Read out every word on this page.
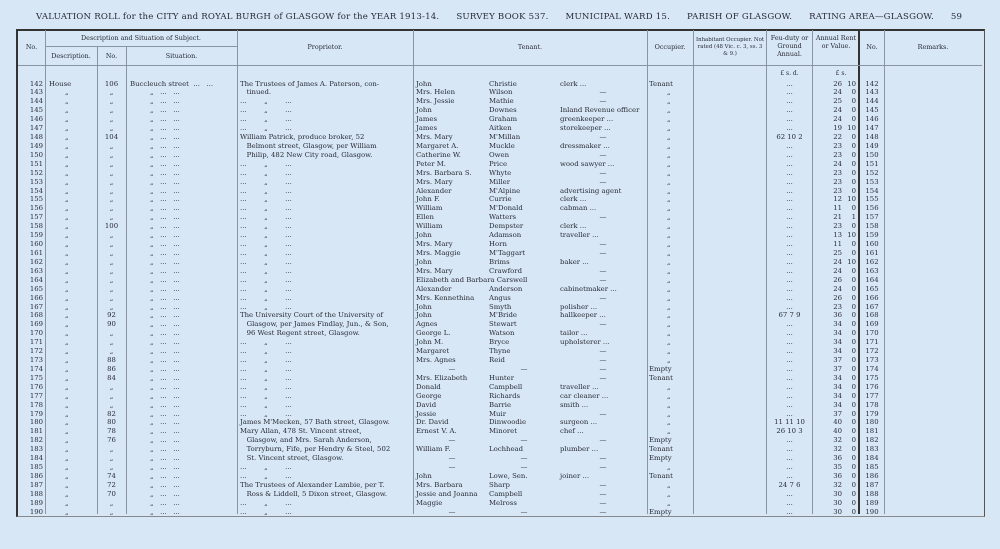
VALUATION ROLL for the CITY and ROYAL BURGH of GLASGOW for the YEAR 1913-14. SURVEY BOOK 537. MUNICIPAL WARD 15. PARISH OF GLASGOW. RATING AREA—GLASGOW. 59
No.
Description and Situation of Subject.
Description.	No.	Situation.
Proprietor.	Tenant.	Occupier.
Inhabitant Occupier. Not rated (48 Vic. c. 3, ss. 3 & 9.)
Feu-duty or Ground Annual.
Annual Rent or Value.	No.	Remarks.
£ s. d.	£ s.
142 House	106	Buccleuch street  ...   ...	The Trustees of James A. Paterson, con-	John	Christie	clerk ...	Tenant	...	26 10	142
143	„	„	„   ...   ...	tinued.	Mrs. Helen	Wilson	—	„	...	24	0	143
144	„	„	„   ...   ...	...        „        ...	Mrs. Jessie	Mathie	—	„	...	25	0	144
145	„	„	„   ...   ...	...        „        ...	John	Downes	Inland Revenue officer	„	...	24	0	145
146	„	„	„   ...   ...	...        „        ...	James	Graham	greenkeeper ...	„	...	24	0	146
147	„	„	„   ...   ...	...        „        ...	James	Aitken	storekeeper ...	„	...	19 10	147
148	„	104	„   ...   ...	William Patrick, produce broker, 52	Mrs. Mary	M'Millan	—	„	62 10 2	22	0	148
149	„	„	„   ...   ...	Belmont street, Glasgow, per William	Margaret A.	Muckle	dressmaker ...	„	...	23	0	149
150	„	„	„   ...   ...	Philip, 482 New City road, Glasgow.	Catherine W.	Owen	—	„	...	23	0	150
151	„	„	„   ...   ...	...        „        ...	Peter M.	Price	wood sawyer ...	„	...	24	0	151
152	„	„	„   ...   ...	...        „        ...	Mrs. Barbara S.	Whyte	—	„	...	23	0	152
153	„	„	„   ...   ...	...        „        ...	Mrs. Mary	Miller	—	„	...	23	0	153
154	„	„	„   ...   ...	...        „        ...	Alexander	M'Alpine	advertising agent	„	...	23	0	154
155	„	„	„   ...   ...	...        „        ...	John F.	Currie	clerk ...	„	...	12 10	155
156	„	„	„   ...   ...	...        „        ...	William	M'Donald	cabman ...	„	...	11	0	156
157	„	„	„   ...   ...	...        „        ...	Ellen	Watters	—	„	...	21	1	157
158	„	100	„   ...   ...	...        „        ...	William	Dempster	clerk ...	„	...	23	0	158
159	„	„	„   ...   ...	...        „        ...	John	Adamson	traveller ...	„	...	13 10	159
160	„	„	„   ...   ...	...        „        ...	Mrs. Mary	Horn	—	„	...	11	0	160
161	„	„	„   ...   ...	...        „        ...	Mrs. Maggie	M'Taggart	—	„	...	25	0	161
162	„	„	„   ...   ...	...        „        ...	John	Brims	baker ...	„	...	24 10	162
163	„	„	„   ...   ...	...        „        ...	Mrs. Mary	Crawford	—	„	...	24	0	163
164	„	„	„   ...   ...	...        „        ...	Elizabeth and Barbara Carswell	—	„	...	26	0	164
165	„	„	„   ...   ...	...        „        ...	Alexander	Anderson	cabinetmaker ...	„	...	24	0	165
166	„	„	„   ...   ...	...        „        ...	Mrs. Kennethina	Angus	—	„	...	26	0	166
167	„	„	„   ...   ...	...        „        ...	John	Smyth	polisher ...	„	...	23	0	167
168	„	92	„   ...   ...	The University Court of the University of	John	M'Bride	hallkeeper ...	„	67 7 9	36	0	168
169	„	90	„   ...   ...	Glasgow, per James Findlay, Jun., & Son,	Agnes	Stewart	—	„	...	34	0	169
170	„	„	„   ...   ...	96 West Regent street, Glasgow.	George L.	Watson	tailor ...	„	...	34	0	170
171	„	„	„   ...   ...	...        „        ...	John M.	Bryce	upholsterer ...	„	...	34	0	171
172	„	„	„   ...   ...	...        „        ...	Margaret	Thyne	—	„	...	34	0	172
173	„	88	„   ...   ...	...        „        ...	Mrs. Agnes	Reid	—	„	...	37	0	173
174	„	86	„   ...   ...	...        „        ...	—	—	—	Empty	...	37	0	174
175	„	84	„   ...   ...	...        „        ...	Mrs. Elizabeth	Hunter	—	Tenant	...	34	0	175
176	„	„	„   ...   ...	...        „        ...	Donald	Campbell	traveller ...	„	...	34	0	176
177	„	„	„   ...   ...	...        „        ...	George	Richards	car cleaner ...	„	...	34	0	177
178	„	„	„   ...   ...	...        „        ...	David	Barrie	smith ...	„	...	34	0	178
179	„	82	„   ...   ...	...        „        ...	Jessie	Muir	—	„	...	37	0	179
180	„	80	„   ...   ...	James M'Mecken, 57 Bath street, Glasgow.	Dr. David	Dinwoodie	surgeon ...	„	11 11 10	40	0	180
181	„	78	„   ...   ...	Mary Allan, 478 St. Vincent street,	Ernest V. A.	Minoret	chef ...	„	26 10 3	40	0	181
182	„	76	„   ...   ...	Glasgow, and Mrs. Sarah Anderson,	—	—	—	Empty	...	32	0	182
183	„	„	„   ...   ...	Torryburn, Fife, per Hendry & Steel, 502	William F.	Lochhead	plumber ...	Tenant	...	32	0	183
184	„	„	„   ...   ...	St. Vincent street, Glasgow.	—	—	—	Empty	...	36	0	184
185	„	„	„   ...   ...	...        „        ...	—	—	—	„	...	35	0	185
186	„	74	„   ...   ...	...        „        ...	John	Lowe, Sen.	joiner ...	Tenant	...	36	0	186
187	„	72	„   ...   ...	The Trustees of Alexander Lambie, per T.	Mrs. Barbara	Sharp	—	„	24 7 6	32	0	187
188	„	70	„   ...   ...	Ross & Liddell, 5 Dixon street, Glasgow.	Jessie and Joanna	Campbell	—	„	...	30	0	188
189	„	„	„   ...   ...	...        „        ...	Maggie	Melross	—	„	...	30	0	189
190	„	„	„   ...   ...	...        „        ...	—	—	—	Empty	...	30	0	190
